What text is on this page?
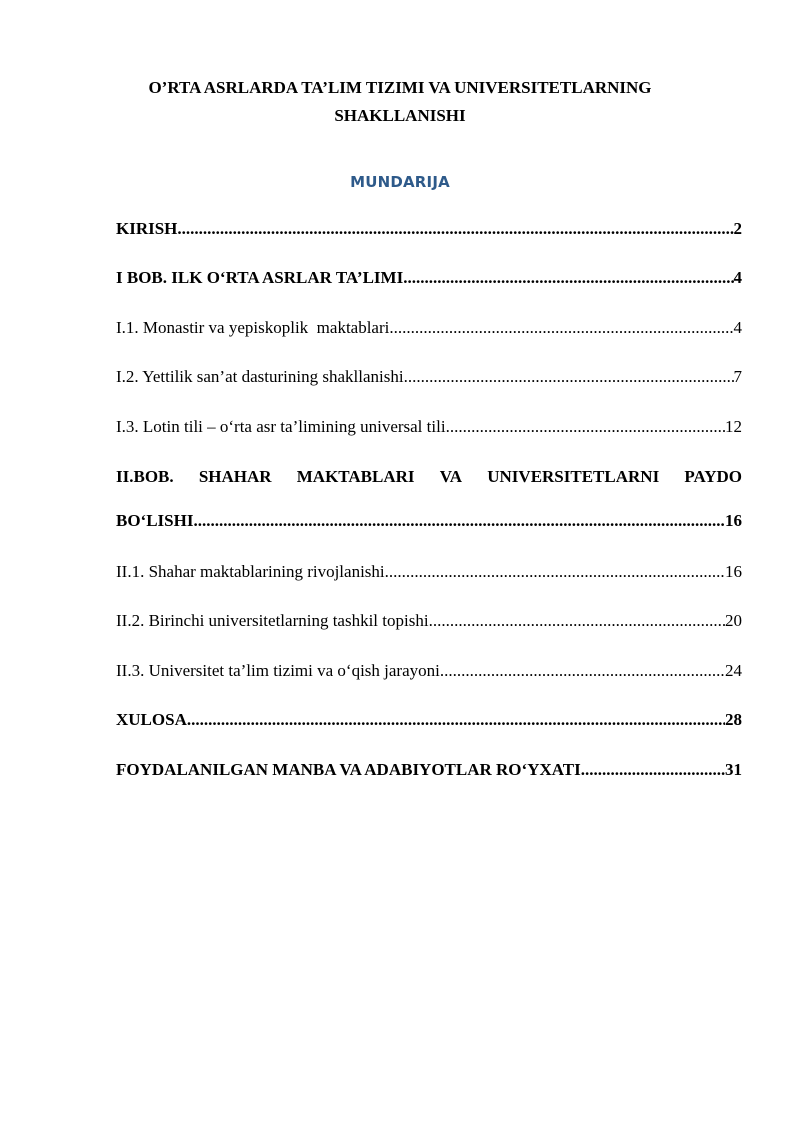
O’RTA ASRLARDA TA’LIM TIZIMI VA UNIVERSITETLARNING
SHAKLLANISHI
MUNDARIJA
KIRISH .....	2
I BOB. ILK O‘RTA ASRLAR TA’LIMI .....	4
I.1. Monastir va yepiskoplik  maktablari .....	4
I.2. Yettilik san’at dasturining shakllanishi .....	7
I.3. Lotin tili – o‘rta asr ta’limining universal tili .....	12
II.BOB. SHAHAR MAKTABLARI VA UNIVERSITETLARNI PAYDO
BO‘LISHI .....	16
II.1. Shahar maktablarining rivojlanishi .....	16
II.2. Birinchi universitetlarning tashkil topishi .....	20
II.3. Universitet ta’lim tizimi va o‘qish jarayoni .....	24
XULOSA .....	28
FOYDALANILGAN MANBA VA ADABIYOTLAR RO‘YXATI .....	31
